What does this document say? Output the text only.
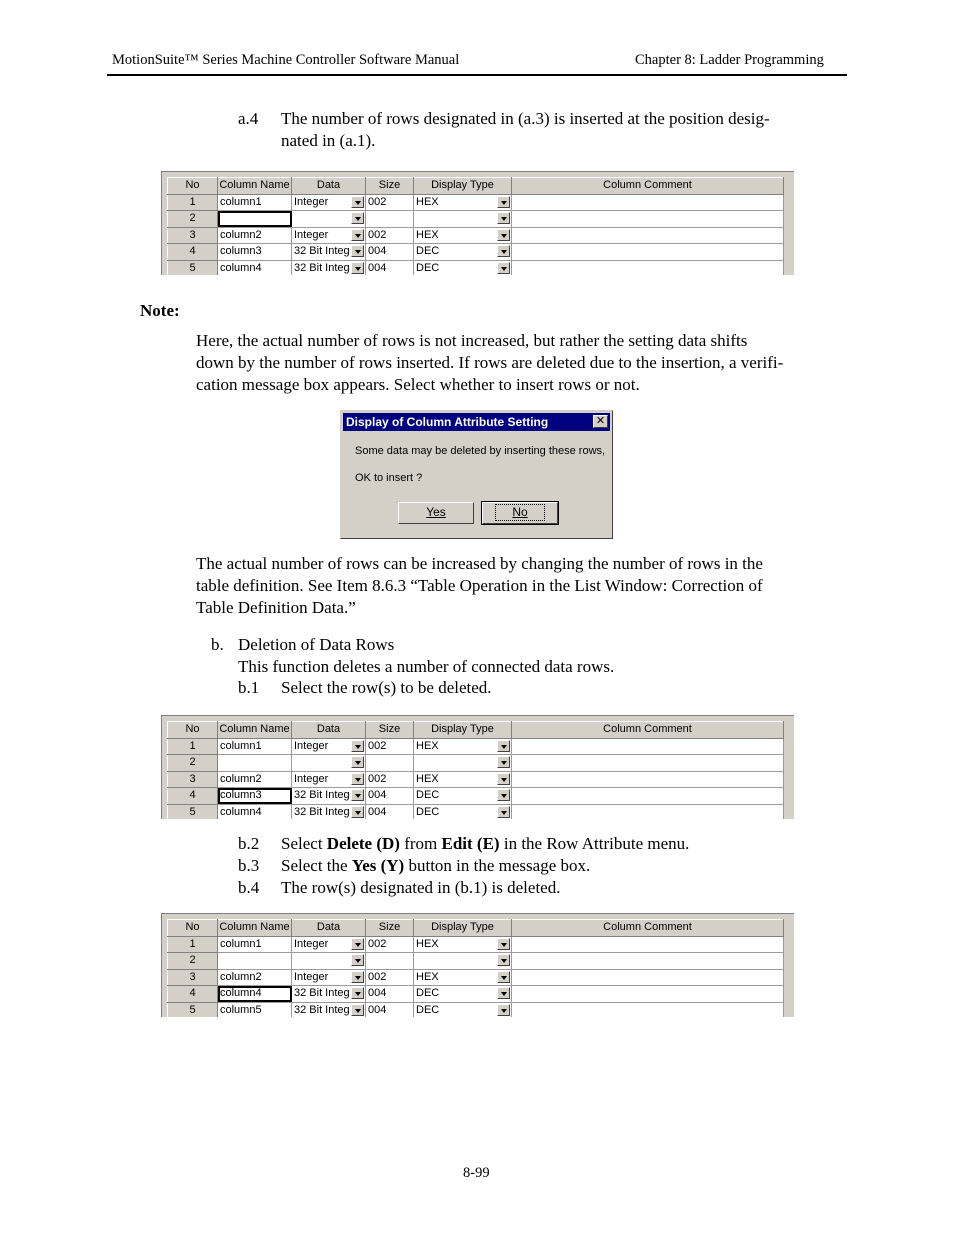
MotionSuite™ Series Machine Controller Software Manual	Chapter 8: Ladder Programming
a.4 The number of rows designated in (a.3) is inserted at the position desig-
nated in (a.1).
No	Column Name	Data	Size	Display Type	Column Comment
1	column1	Integer	002	HEX	

2		

3	column2	Integer	002	HEX	

4	column3	32 Bit Integ	004	DEC	

5	column4	32 Bit Integ	004	DEC	

Note:
Here, the actual number of rows is not increased, but rather the setting data shifts
down by the number of rows inserted. If rows are deleted due to the insertion, a verifi-
cation message box appears. Select whether to insert rows or not.
Display of Column Attribute Setting	✕
Some data may be deleted by inserting these rows,
OK to insert ?
Yes	No
The actual number of rows can be increased by changing the number of rows in the
table definition. See Item 8.6.3 “Table Operation in the List Window: Correction of
Table Definition Data.”
b. Deletion of Data Rows
This function deletes a number of connected data rows.
b.1 Select the row(s) to be deleted.
No	Column Name	Data	Size	Display Type	Column Comment
1	column1	Integer	002	HEX	

2		

3	column2	Integer	002	HEX	

4	column3	32 Bit Integ	004	DEC	

5	column4	32 Bit Integ	004	DEC	

b.2 Select Delete (D) from Edit (E) in the Row Attribute menu.
b.3 Select the Yes (Y) button in the message box.
b.4 The row(s) designated in (b.1) is deleted.
No	Column Name	Data	Size	Display Type	Column Comment
1	column1	Integer	002	HEX	

2		

3	column2	Integer	002	HEX	

4	column4	32 Bit Integ	004	DEC	

5	column5	32 Bit Integ	004	DEC	

8-99
